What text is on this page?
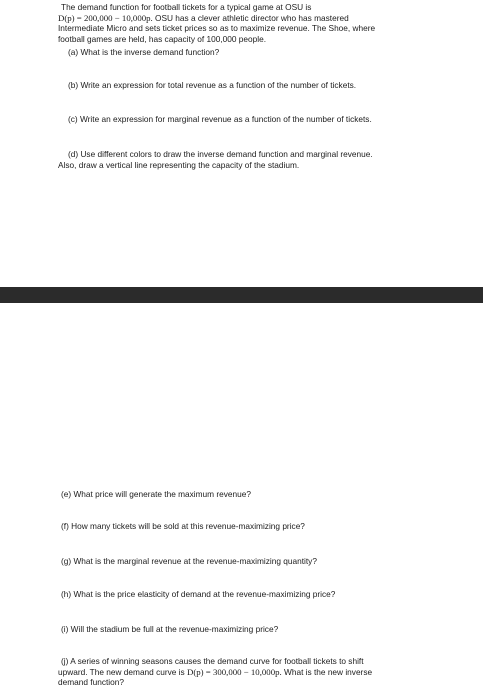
The demand function for football tickets for a typical game at OSU is
D(p) = 200,000 − 10,000p. OSU has a clever athletic director who has mastered
Intermediate Micro and sets ticket prices so as to maximize revenue. The Shoe, where
football games are held, has capacity of 100,000 people.
(a) What is the inverse demand function?
(b) Write an expression for total revenue as a function of the number of tickets.
(c) Write an expression for marginal revenue as a function of the number of tickets.
(d) Use different colors to draw the inverse demand function and marginal revenue.
Also, draw a vertical line representing the capacity of the stadium.
(e) What price will generate the maximum revenue?
(f) How many tickets will be sold at this revenue-maximizing price?
(g) What is the marginal revenue at the revenue-maximizing quantity?
(h) What is the price elasticity of demand at the revenue-maximizing price?
(i) Will the stadium be full at the revenue-maximizing price?
(j) A series of winning seasons causes the demand curve for football tickets to shift
upward. The new demand curve is D(p) = 300,000 − 10,000p. What is the new inverse
demand function?
